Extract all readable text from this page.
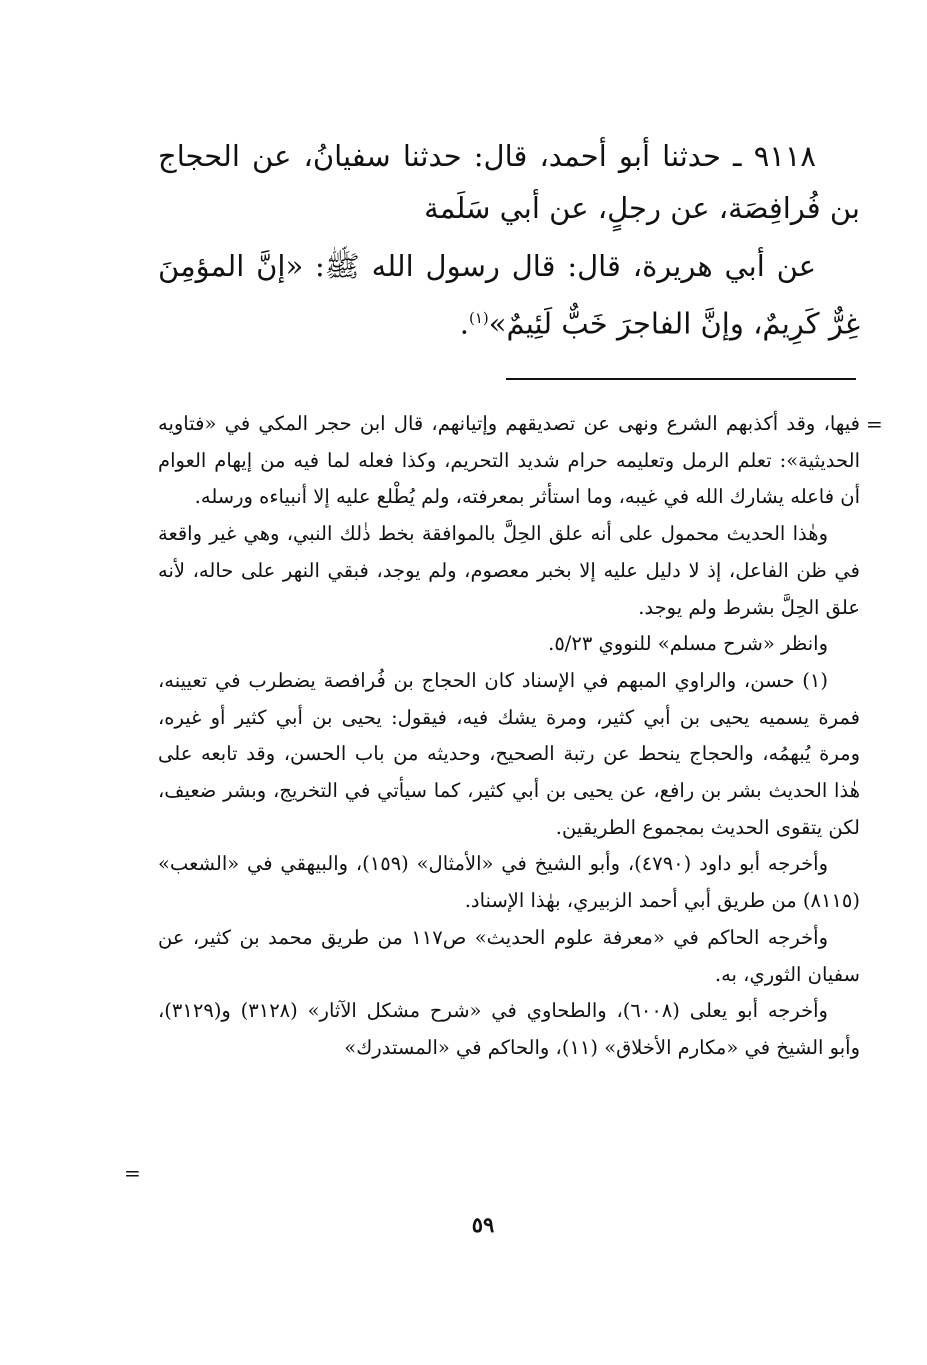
٩١١٨ ـ حدثنا أبو أحمد، قال: حدثنا سفيانُ، عن الحجاج بن فُرافِصَة، عن رجلٍ، عن أبي سَلَمة

عن أبي هريرة، قال: قال رسول الله ﷺ: «إنَّ المؤمِنَ غِرٌّ كَرِيمٌ، وإنَّ الفاجرَ خَبٌّ لَئِيمٌ»$^{(١)}$.

=

فيها، وقد أكذبهم الشرع ونهى عن تصديقهم وإتيانهم، قال ابن حجر المكي في «فتاويه الحديثية»: تعلم الرمل وتعليمه حرام شديد التحريم، وكذا فعله لما فيه من إيهام العوام أن فاعله يشارك الله في غيبه، وما استأثر بمعرفته، ولم يُطْلع عليه إلا أنبياءه ورسله.

وهٰذا الحديث محمول على أنه علق الحِلَّ بالموافقة بخط ذٰلك النبي، وهي غير واقعة في ظن الفاعل، إذ لا دليل عليه إلا بخبر معصوم، ولم يوجد، فبقي النهر على حاله، لأنه علق الحِلَّ بشرط ولم يوجد.

وانظر «شرح مسلم» للنووي ٥/٢٣.

(١) حسن، والراوي المبهم في الإسناد كان الحجاج بن فُرافصة يضطرب في تعيينه، فمرة يسميه يحيى بن أبي كثير، ومرة يشك فيه، فيقول: يحيى بن أبي كثير أو غيره، ومرة يُبهمُه، والحجاج ينحط عن رتبة الصحيح، وحديثه من باب الحسن، وقد تابعه على هٰذا الحديث بشر بن رافع، عن يحيى بن أبي كثير، كما سيأتي في التخريج، وبشر ضعيف، لكن يتقوى الحديث بمجموع الطريقين.

وأخرجه أبو داود (٤٧٩٠)، وأبو الشيخ في «الأمثال» (١٥٩)، والبيهقي في «الشعب» (٨١١٥) من طريق أبي أحمد الزبيري، بهٰذا الإسناد.

وأخرجه الحاكم في «معرفة علوم الحديث» ص١١٧ من طريق محمد بن كثير، عن سفيان الثوري، به.

وأخرجه أبو يعلى (٦٠٠٨)، والطحاوي في «شرح مشكل الآثار» (٣١٢٨) و(٣١٢٩)، وأبو الشيخ في «مكارم الأخلاق» (١١)، والحاكم في «المستدرك»

=
٥٩
